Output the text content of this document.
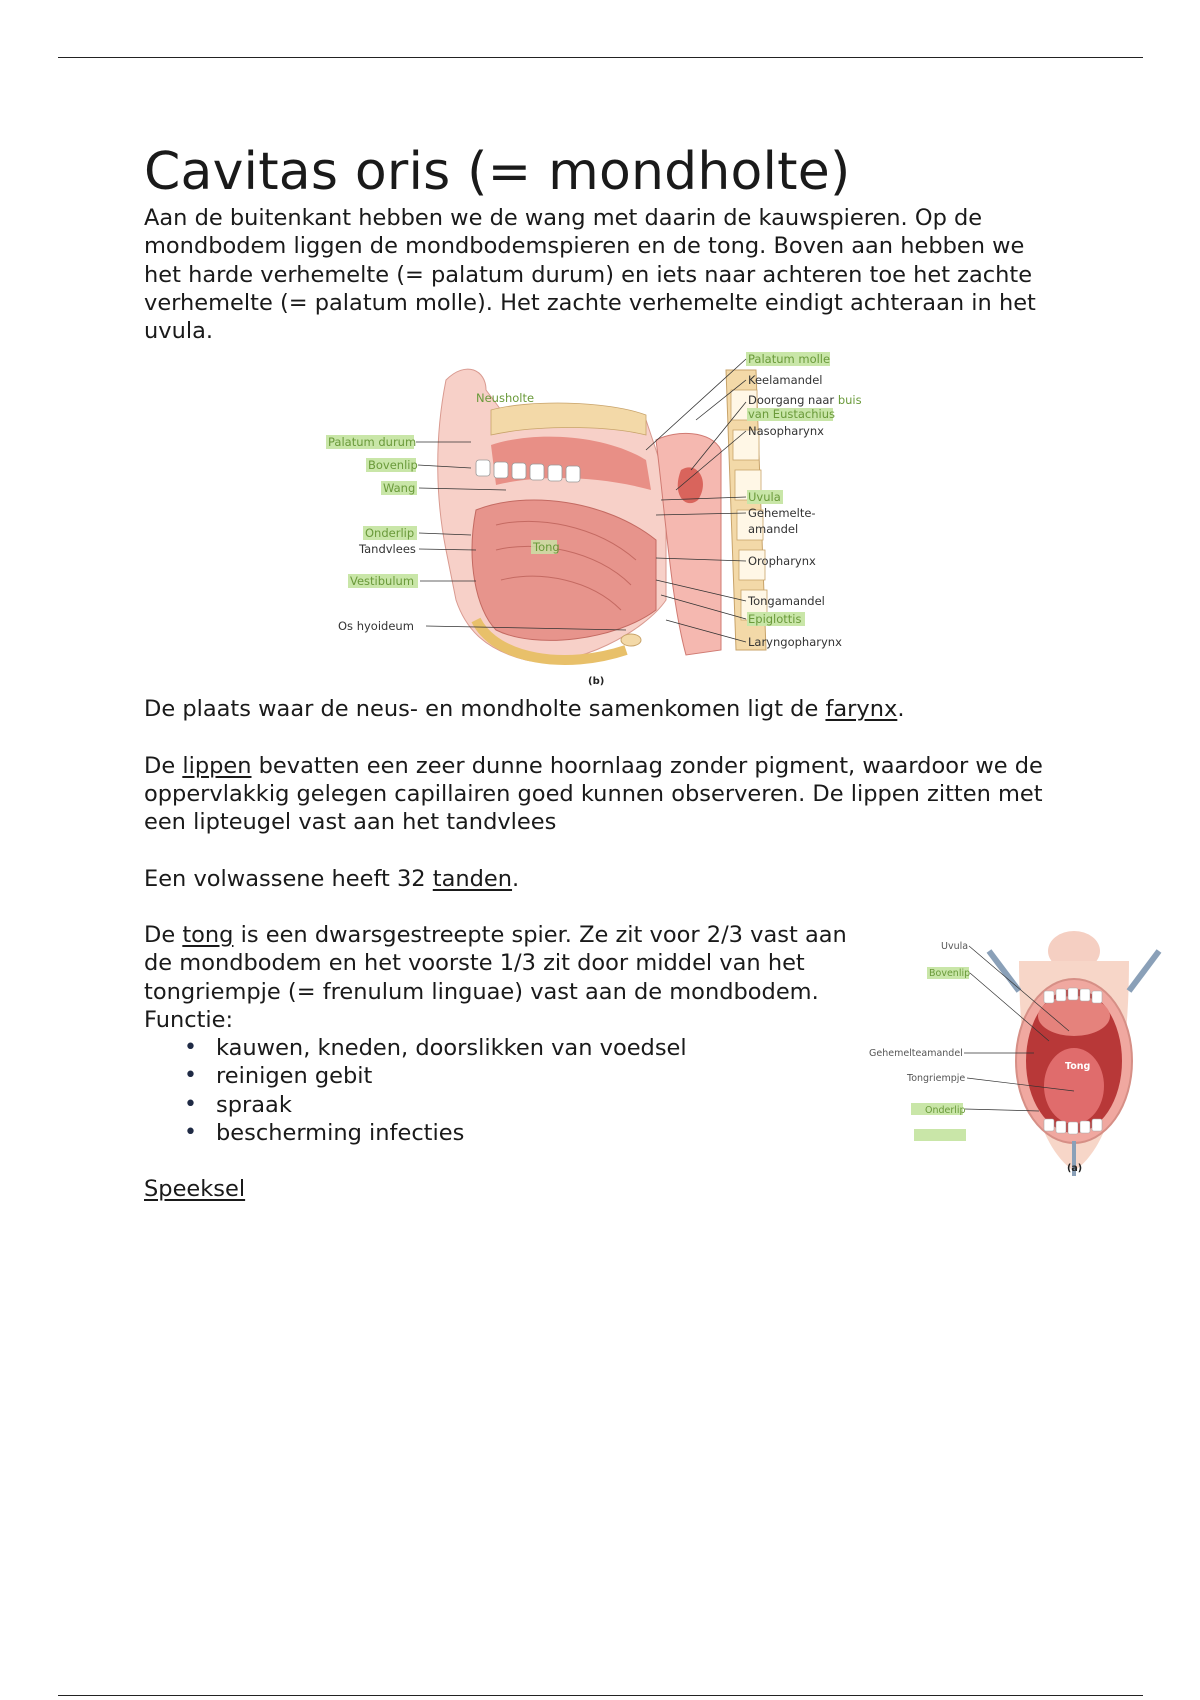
Cavitas oris (= mondholte)

Aan de buitenkant hebben we de wang met daarin de kauwspieren. Op de mondbodem liggen de mondbodemspieren en de tong. Boven aan hebben we het harde verhemelte (= palatum durum) en iets naar achteren toe het zachte verhemelte (= palatum molle). Het zachte verhemelte eindigt achteraan in het uvula.

Palatum durum
Bovenlip
Wang
Onderlip
Tandvlees
Vestibulum
Os hyoideum
Neusholte
Tong
Palatum molle
Keelamandel
Doorgang naar buis
van Eustachius
Nasopharynx
Uvula
Gehemelte-
amandel
Oropharynx
Tongamandel
Epiglottis
Laryngopharynx
(b)

De plaats waar de neus- en mondholte samenkomen ligt de farynx.

De lippen bevatten een zeer dunne hoornlaag zonder pigment, waardoor we de oppervlakkig gelegen capillairen goed kunnen observeren. De lippen zitten met een lipteugel vast aan het tandvlees

Een volwassene heeft 32 tanden.

De tong is een dwarsgestreepte spier. Ze zit voor 2/3 vast aan de mondbodem en het voorste 1/3 zit door middel van het tongriempje (= frenulum linguae) vast aan de mondbodem.

Functie:

• kauwen, kneden, doorslikken van voedsel
• reinigen gebit
• spraak
• bescherming infecties
Uvula
Bovenlip
Gehemelteamandel
Tongriempje
Onderlip
Tong
(a)

Speeksel
